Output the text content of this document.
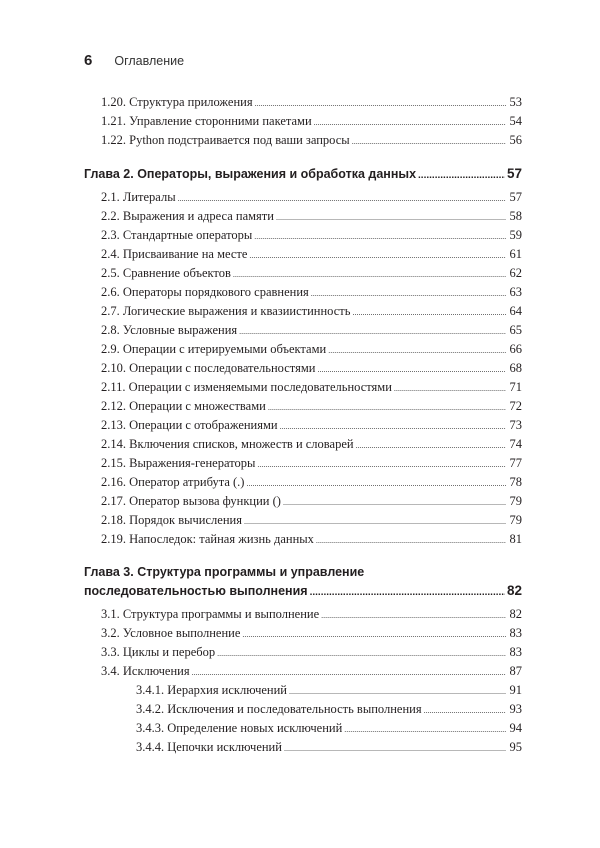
6 Оглавление
1.20. Структура приложения .....	53
1.21. Управление сторонними пакетами .....	54
1.22. Python подстраивается под ваши запросы .....	56
Глава 2. Операторы, выражения и обработка данных .....	57
2.1. Литералы .....	57
2.2. Выражения и адреса памяти .....	58
2.3. Стандартные операторы .....	59
2.4. Присваивание на месте .....	61
2.5. Сравнение объектов .....	62
2.6. Операторы порядкового сравнения .....	63
2.7. Логические выражения и квазиистинность .....	64
2.8. Условные выражения .....	65
2.9. Операции с итерируемыми объектами .....	66
2.10. Операции с последовательностями .....	68
2.11. Операции с изменяемыми последовательностями .....	71
2.12. Операции с множествами .....	72
2.13. Операции с отображениями .....	73
2.14. Включения списков, множеств и словарей .....	74
2.15. Выражения-генераторы .....	77
2.16. Оператор атрибута (.) .....	78
2.17. Оператор вызова функции () .....	79
2.18. Порядок вычисления .....	79
2.19. Напоследок: тайная жизнь данных .....	81
Глава 3. Структура программы и управление
последовательностью выполнения .....	82
3.1. Структура программы и выполнение .....	82
3.2. Условное выполнение .....	83
3.3. Циклы и перебор .....	83
3.4. Исключения .....	87
3.4.1. Иерархия исключений .....	91
3.4.2. Исключения и последовательность выполнения .....	93
3.4.3. Определение новых исключений .....	94
3.4.4. Цепочки исключений .....	95
